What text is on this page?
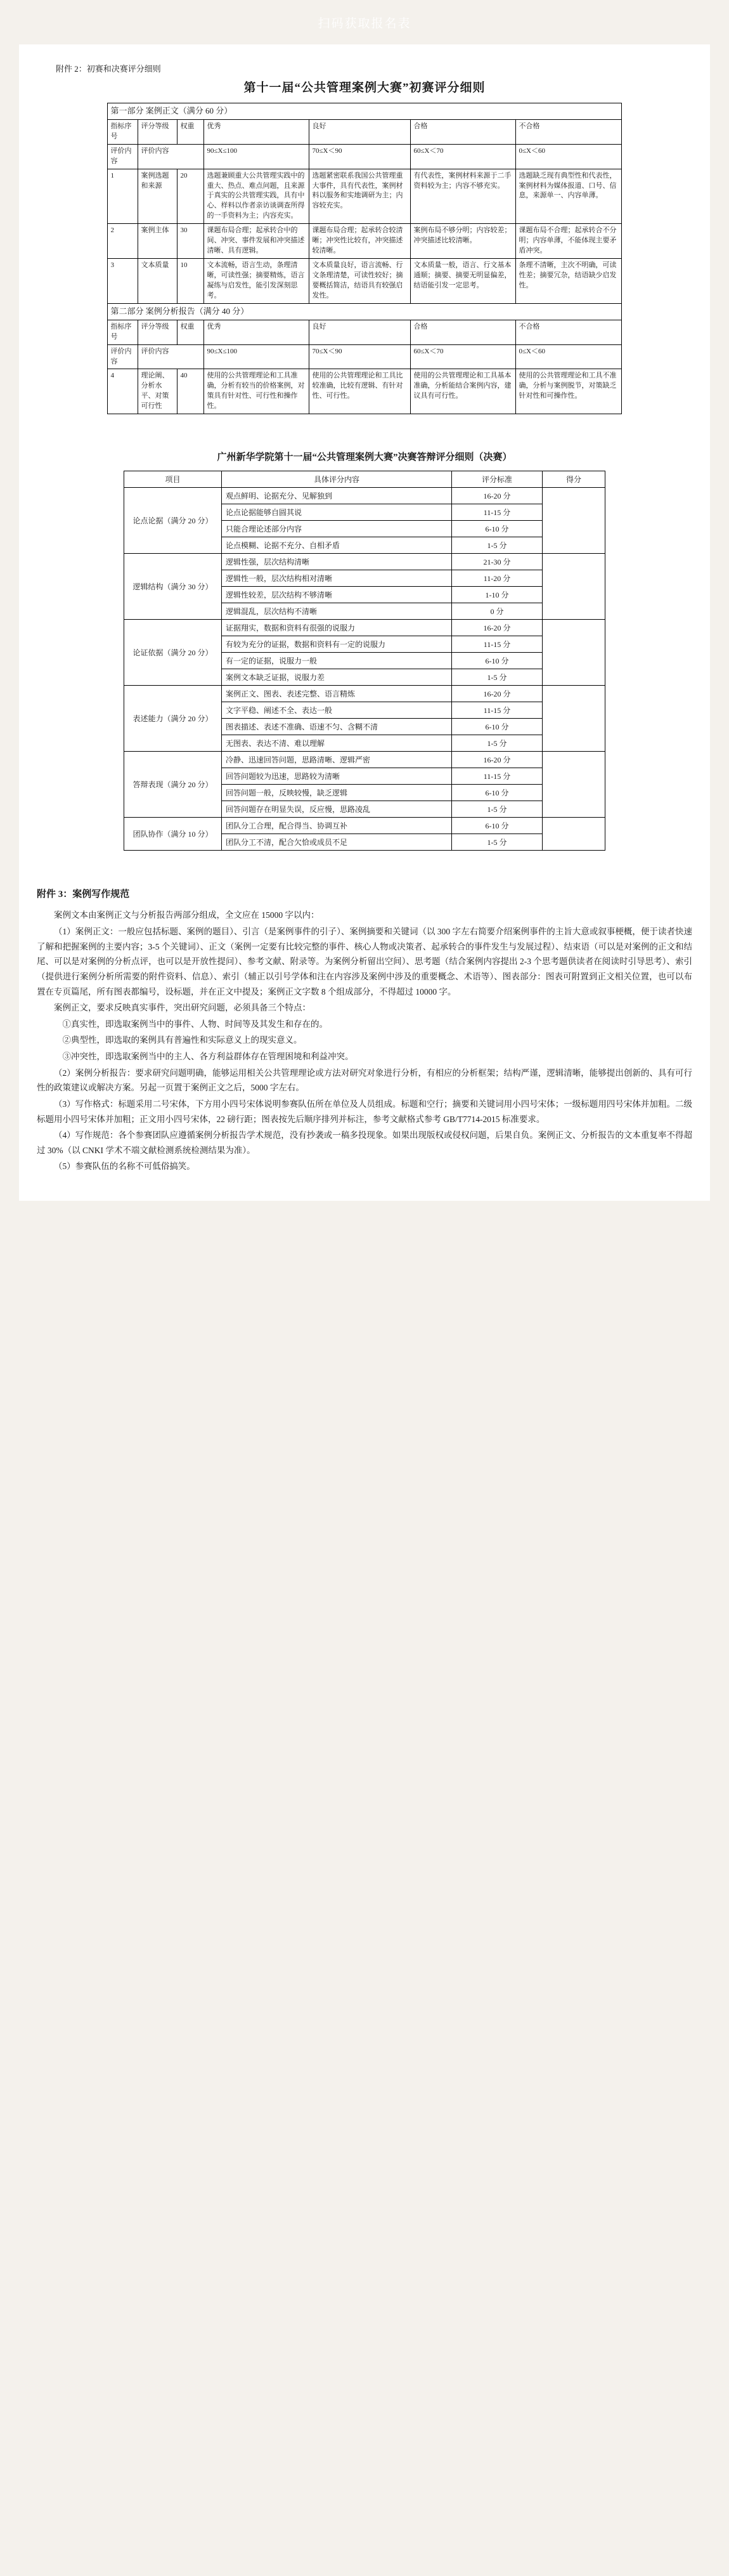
扫码获取报名表
附件 2：初赛和决赛评分细则
第十一届“公共管理案例大赛”初赛评分细则
第一部分 案例正文（满分 60 分）						
指标序号	评分等级	权重	优秀	良好	合格	不合格
评价内容	评价内容		90≤X≤100	70≤X＜90	60≤X＜70	0≤X＜60
1	案例选题和来源	20	选题兼顾重大公共管理实践中的重大、热点、难点问题，且来源于真实的公共管理实践，具有中心、样料以作者亲访谈调查所得的一手资料为主；内容充实。	选题紧密联系我国公共管理重大事件，具有代表性，案例材料以服务和实地调研为主；内容较充实。	有代表性，案例材料来源于二手资料较为主；内容不够充实。	选题缺乏现有典型性和代表性，案例材料为媒体报道、口号、信息，来源单一、内容单薄。
2	案例主体	30	课题布局合理；起承转合中的间、冲突、事件发展和冲突描述清晰、具有逻辑。	课题布局合理；起承转合较清晰；冲突性比较有，冲突描述较清晰。	案例布局不够分明；内容较差；冲突描述比较清晰。	课题布局不合理；起承转合不分明；内容单薄，不能体现主要矛盾冲突。
3	文本质量	10	文本流畅，语言生动，条理清晰，可读性强；摘要精炼，语言凝练与启发性，能引发深刻思考。	文本质量良好，语言流畅、行文条理清楚，可读性较好；摘要概括简洁，结语具有较强启发性。	文本质量一般，语言、行文基本通顺；摘要、摘要无明显偏差，结语能引发一定思考。	条理不清晰，主次不明确，可读性差；摘要冗杂，结语缺少启发性。
第二部分 案例分析报告（满分 40 分）						
指标序号	评分等级	权重	优秀	良好	合格	不合格
评价内容	评价内容		90≤X≤100	70≤X＜90	60≤X＜70	0≤X＜60
4	理论阐、分析水平、对策可行性	40	使用的公共管理理论和工具准确，分析有较当的价格案例，对策具有针对性、可行性和操作性。	使用的公共管理理论和工具比较准确，比较有逻辑、有针对性、可行性。	使用的公共管理理论和工具基本准确，分析能结合案例内容，建议具有可行性。	使用的公共管理理论和工具不准确，分析与案例脱节，对策缺乏针对性和可操作性。
广州新华学院第十一届“公共管理案例大赛”决赛答辩评分细则（决赛）
项目	具体评分内容	评分标准	得分
论点论据（满分 20 分）	观点鲜明、论据充分、见解独到	16-20 分	
	论点论据能够自圆其说	11-15 分	
	只能合理论述部分内容	6-10 分	
	论点模糊、论据不充分、自相矛盾	1-5 分	
逻辑结构（满分 30 分）	逻辑性强，层次结构清晰	21-30 分	
	逻辑性一般，层次结构相对清晰	11-20 分	
	逻辑性较差，层次结构不够清晰	1-10 分	
	逻辑混乱，层次结构不清晰	0 分	
论证依据（满分 20 分）	证据翔实，数据和资料有很强的说服力	16-20 分	
	有较为充分的证据，数据和资料有一定的说服力	11-15 分	
	有一定的证据，说服力一般	6-10 分	
	案例文本缺乏证据，说服力差	1-5 分	
表述能力（满分 20 分）	案例正文、图表、表述完整、语言精炼	16-20 分	
	文字平稳、阐述不全、表达一般	11-15 分	
	图表描述、表述不准确、语速不匀、含糊不清	6-10 分	
	无图表、表达不清、难以理解	1-5 分	
答辩表现（满分 20 分）	冷静、迅速回答问题，思路清晰、逻辑严密	16-20 分	
	回答问题较为迅速，思路较为清晰	11-15 分	
	回答问题一般，反映较慢，缺乏逻辑	6-10 分	
	回答问题存在明显失误，反应慢，思路凌乱	1-5 分	
团队协作（满分 10 分）	团队分工合理，配合得当、协调互补	6-10 分	
	团队分工不清，配合欠恰或成员不足	1-5 分	
附件 3：案例写作规范

案例文本由案例正文与分析报告两部分组成，全文应在 15000 字以内：

（1）案例正文：一般应包括标题、案例的题目）、引言（是案例事件的引子）、案例摘要和关键词（以 300 字左右简要介绍案例事件的主旨大意或叙事梗概，便于读者快速了解和把握案例的主要内容；3-5 个关键词）、正文（案例一定要有比较完整的事件、核心人物或决策者、起承转合的事件发生与发展过程）、结束语（可以是对案例的正文和结尾、可以是对案例的分析点评，也可以是开放性提问）、参考文献、附录等。为案例分析留出空间）、思考题（结合案例内容提出 2-3 个思考题供读者在阅读时引导思考）、索引（提供进行案例分析所需要的附件资料、信息）、索引（辅正以引号学体和注在内容涉及案例中涉及的重要概念、术语等）、图表部分：图表可附置到正文相关位置，也可以布置在专页篇尾，所有图表都编号，设标题，并在正文中提及；案例正文字数 8 个组成部分，不得超过 10000 字。

案例正文，要求反映真实事件，突出研究问题，必须具备三个特点：

①真实性，即选取案例当中的事件、人物、时间等及其发生和存在的。

②典型性，即选取的案例具有普遍性和实际意义上的现实意义。

③冲突性，即选取案例当中的主人、各方利益群体存在管理困境和利益冲突。

（2）案例分析报告：要求研究问题明确，能够运用相关公共管理理论或方法对研究对象进行分析，有相应的分析框架；结构严谨，逻辑清晰，能够提出创新的、具有可行性的政策建议或解决方案。另起一页置于案例正文之后，5000 字左右。

（3）写作格式：标题采用二号宋体，下方用小四号宋体说明参赛队伍所在单位及人员组成。标题和空行；摘要和关键词用小四号宋体；一级标题用四号宋体并加粗。二级标题用小四号宋体并加粗；正文用小四号宋体，22 磅行距；图表按先后顺序排列并标注，参考文献格式参考 GB/T7714-2015 标准要求。

（4）写作规范：各个参赛团队应遵循案例分析报告学术规范，没有抄袭或一稿多投现象。如果出现版权或侵权问题，后果自负。案例正文、分析报告的文本重复率不得超过 30%（以 CNKI 学术不端文献检测系统检测结果为准）。

（5）参赛队伍的名称不可低俗搞笑。
